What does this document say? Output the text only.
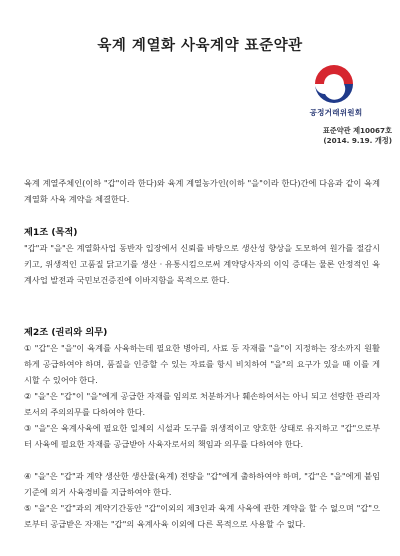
육계 계열화 사육계약 표준약관
공정거래위원회
표준약관 제10067호
(2014. 9.19. 개정)
육계 계열주체인(이하 "갑"이라 한다)와 육계 계열농가인(이하 "을"이라 한다)간에 다음과 같이 육계 계열화 사육 계약을 체결한다.
제1조 (목적)
"갑"과 "을"은 계열화사업 동반자 입장에서 신뢰를 바탕으로 생산성 향상을 도모하여 원가를 절감시키고, 위생적인 고품질 닭고기를 생산 · 유통시킴으로써 계약당사자의 이익 증대는 물론 안정적인 육계사업 발전과 국민보건증진에 이바지함을 목적으로 한다.
제2조 (권리와 의무)
① "갑"은 "을"이 육계를 사육하는데 필요한 병아리, 사료 등 자재를 "을"이 지정하는 장소까지 원활하게 공급하여야 하며, 품질을 인증할 수 있는 자료를 항시 비치하여 "을"의 요구가 있을 때 이를 게시할 수 있어야 한다.
② "을"은 "갑"이 "을"에게 공급한 자재를 임의로 처분하거나 훼손하여서는 아니 되고 선량한 관리자로서의 주의의무를 다하여야 한다.
③ "을"은 육계사육에 필요한 일체의 시설과 도구를 위생적이고 양호한 상태로 유지하고 "갑"으로부터 사육에 필요한 자재를 공급받아 사육자로서의 책임과 의무를 다하여야 한다.
④ "을"은 "갑"과 계약 생산한 생산물(육계) 전량을 "갑"에게 출하하여야 하며, "갑"은 "을"에게 붙임 기준에 의거 사육경비를 지급하여야 한다.
⑤ "을"은 "갑"과의 계약기간동안 "갑"이외의 제3인과 육계 사육에 관한 계약을 할 수 없으며 "갑"으로부터 공급받은 자재는 "갑"의 육계사육 이외에 다른 목적으로 사용할 수 없다.
